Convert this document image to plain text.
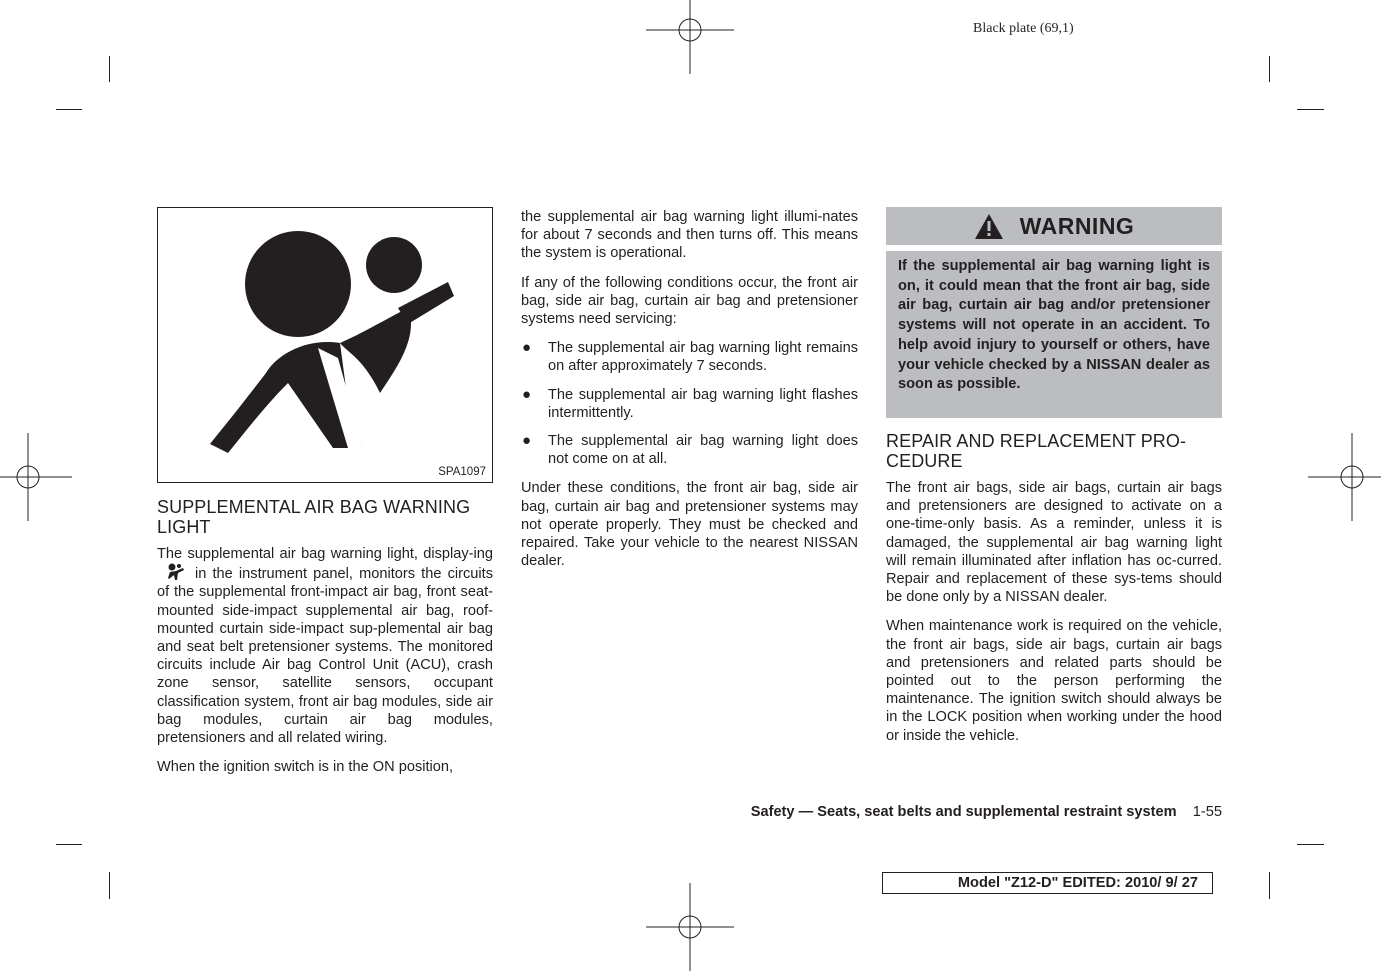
Black plate (69,1)
SPA1097
SUPPLEMENTAL AIR BAG WARNING LIGHT

The supplemental air bag warning light, display-ingin the instrument panel, monitors the circuits of the supplemental front-impact air bag, front seat-mounted side-impact supplemental air bag, roof-mounted curtain side-impact sup-plemental air bag and seat belt pretensioner systems. The monitored circuits include Air bag Control Unit (ACU), crash zone sensor, satellite sensors, occupant classification system, front air bag modules, side air bag modules, curtain air bag modules, pretensioners and all related wiring.

When the ignition switch is in the ON position,

the supplemental air bag warning light illumi-nates for about 7 seconds and then turns off. This means the system is operational.

If any of the following conditions occur, the front air bag, side air bag, curtain air bag and pretensioner systems need servicing:

● The supplemental air bag warning light remains on after approximately 7 seconds.
● The supplemental air bag warning light flashes intermittently.
● The supplemental air bag warning light does not come on at all.

Under these conditions, the front air bag, side air bag, curtain air bag and pretensioner systems may not operate properly. They must be checked and repaired. Take your vehicle to the nearest NISSAN dealer.

WARNING
If the supplemental air bag warning light is on, it could mean that the front air bag, side air bag, curtain air bag and/or pretensioner systems will not operate in an accident. To help avoid injury to yourself or others, have your vehicle checked by a NISSAN dealer as soon as possible.
REPAIR AND REPLACEMENT PRO-CEDURE

The front air bags, side air bags, curtain air bags and pretensioners are designed to activate on a one-time-only basis. As a reminder, unless it is damaged, the supplemental air bag warning light will remain illuminated after inflation has oc-curred. Repair and replacement of these sys-tems should be done only by a NISSAN dealer.

When maintenance work is required on the vehicle, the front air bags, side air bags, curtain air bags and pretensioners and related parts should be pointed out to the person performing the maintenance. The ignition switch should always be in the LOCK position when working under the hood or inside the vehicle.

Safety — Seats, seat belts and supplemental restraint system 1-55
Model "Z12-D" EDITED: 2010/ 9/ 27
